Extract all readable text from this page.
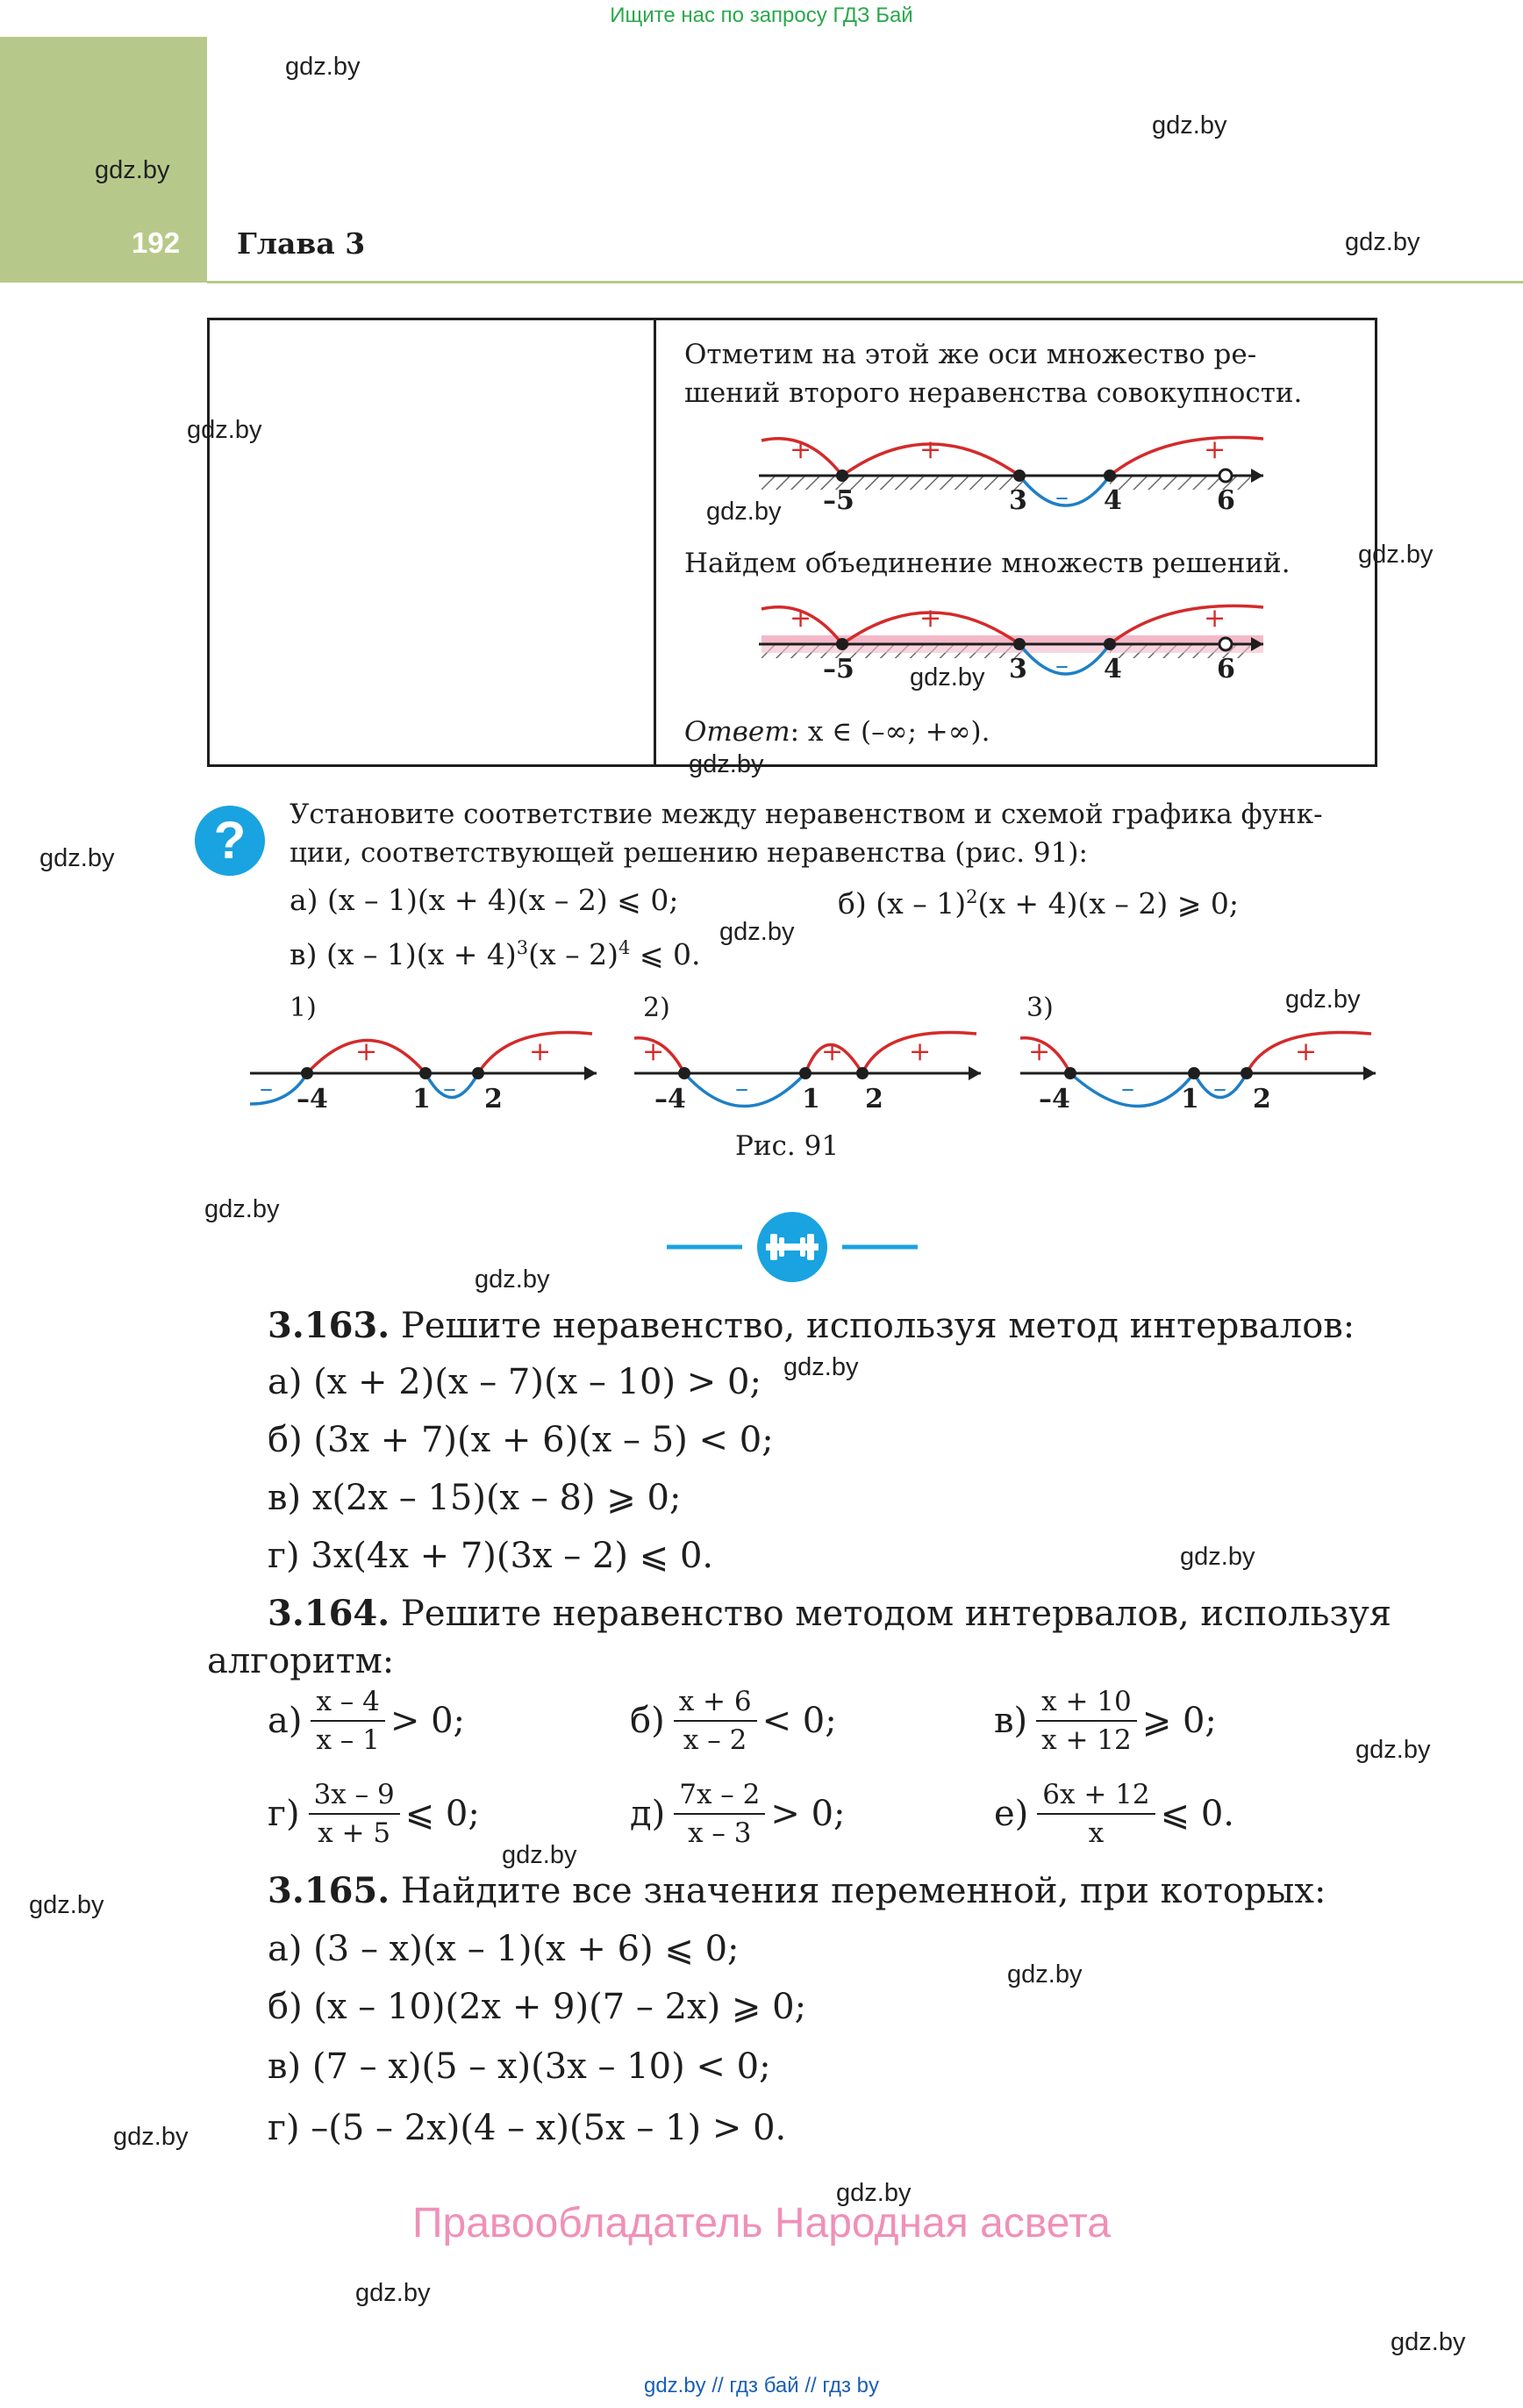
Ищите нас по запросу ГДЗ Бай
192 Глава 3
gdz.by
gdz.by
gdz.by
gdz.by
gdz.by
gdz.by
gdz.by
gdz.by
gdz.by
gdz.by
gdz.by
gdz.by
gdz.by
gdz.by
gdz.by
gdz.by
gdz.by
gdz.by
gdz.by
gdz.by
gdz.by
gdz.by
gdz.by
gdz.by
Отметим на этой же оси множество ре-
шений второго неравенства совокупности.
+	+
–
+
–5	3	4	6
Найдем объединение множеств решений.
+	+
–
+
–5	3	4	6
Ответ: x ∈ (–∞; +∞).
?	Установите соответствие между неравенством и схемой графика функ-
ции, соответствующей решению неравенства (рис. 91):
а) (x – 1)(x + 4)(x – 2) ⩽ 0;	б) (x – 1)$^2$(x + 4)(x – 2) ⩾ 0;
в) $(x - 1)(x + 4)^3(x - 2)^4$ ⩽ 0.
1)
–
+
–
+
–4	1 2
2)
+
–
+ +
–4	1 2
3)
+
–	–
+
–4	1 2
Рис. 91
3.163. Решите неравенство, используя метод интервалов:
а) (x + 2)(x – 7)(x – 10) > 0;
б) (3x + 7)(x + 6)(x – 5) < 0;
в) x(2x – 15)(x – 8) ⩾ 0;
г) 3x(4x + 7)(3x – 2) ⩽ 0.
3.164. Решите неравенство методом интервалов, используя
алгоритм:
$а) \frac{x - 4}{x - 1} > 0$;	$б) \frac{x + 6}{x - 2} < 0$;	$в) \frac{x + 10}{x + 12}$ ⩾ 0;
$г) \frac{3x - 9}{x + 5}$ ⩽ 0;	$д) \frac{7x - 2}{x - 3} > 0$;	$е) \frac{6x + 12}{x}$ ⩽ 0.
3.165. Найдите все значения переменной, при которых:
а) (3 – x)(x – 1)(x + 6) ⩽ 0;
б) (x – 10)(2x + 9)(7 – 2x) ⩾ 0;
в) (7 – x)(5 – x)(3x – 10) < 0;
г) –(5 – 2x)(4 – x)(5x – 1) > 0.
Правообладатель Народная асвета
gdz.by // гдз бай // гдз by
